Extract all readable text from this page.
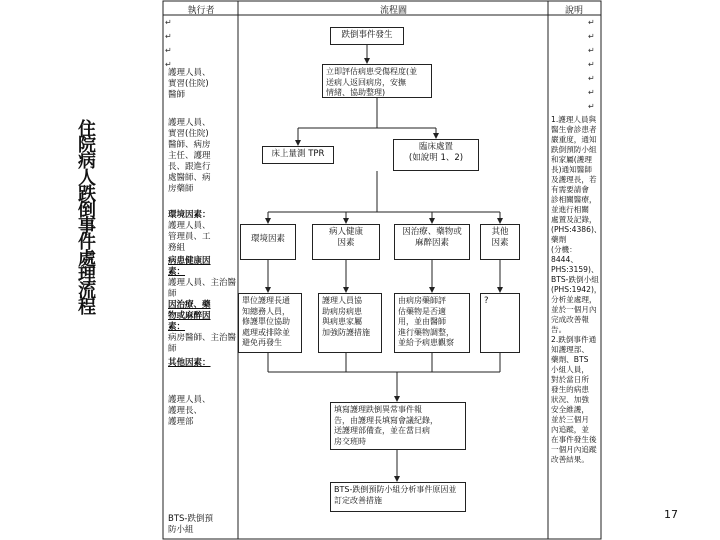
住
院
病
人
跌
倒
事
件
處
理
流
程
執行者	流程圖	說明
護理人員、
實習(住院)
醫師
護理人員、
實習(住院)
醫師、病房
主任、護理
長、跟進行
處醫師、病
房藥師
環境因素：
護理人員、
管理員、工
務組
病患健康因
素：
護理人員、主治醫師
因治療、藥
物或麻醉因
素：
病房醫師、主治醫師
其他因素：
護理人員、
護理長、
護理部
BTS-跌倒預
防小組
↵
↵
↵
↵
↵
↵
↵
↵
↵
↵
↵
跌倒事件發生
立即評估病患受傷程度(並
送病人返回病房，安撫
情緒、協助整理)
床上量測 TPR
臨床處置
(如說明 1、2)
環境因素
病人健康
因素
因治療、藥物或
麻醉因素
其他
因素
單位護理長通
知總務人員，
修護單位協助
處理或排除並
避免再發生
護理人員協
助病房病患
與病患家屬
加強防護措施
由病房藥師評
估藥物是否適
用，並由醫師
進行藥物調整，
並給予病患觀察
?
填寫護理跌倒異常事件報
告，由護理長填寫會議紀錄，
送護理部備查，並在當日病
房交班時
BTS-跌倒預防小組分析事件原因並
訂定改善措施
1.護理人員與
醫生會診患者
嚴重度，通知
跌倒預防小組
和家屬(護理
長)通知醫師
及護理長，若
有需要請會
診相關醫療，
並進行相關
處置及記錄，
(PHS:4386)、藥劑
(分機：
8444、
PHS:3159)、
BTS-跌倒小組
(PHS:1942)，
分析並處理，
並於一個月內
完成改善報告。
2.跌倒事件通
知護理部、
藥劑、BTS
小組人員，
對於當日所
發生的病患
狀況、加強
安全維護，
並於三個月
內追蹤，並
在事件發生後
一個月內追蹤
改善結果。
17
